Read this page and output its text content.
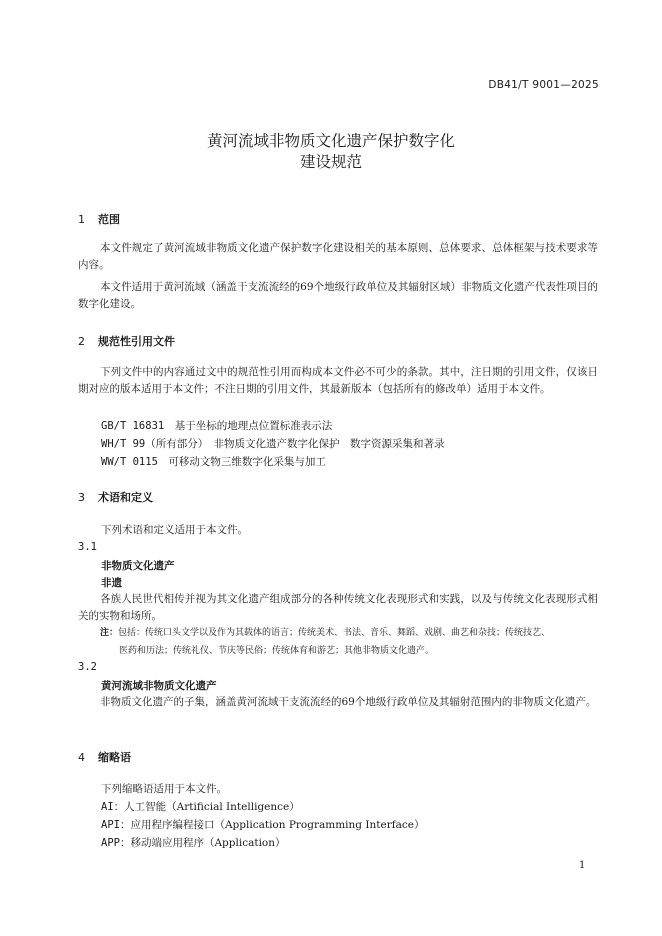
DB41/T 9001—2025
黄河流域非物质文化遗产保护数字化
建设规范
1 范围
本文件规定了黄河流域非物质文化遗产保护数字化建设相关的基本原则、总体要求、总体框架与技术要求等内容。
本文件适用于黄河流域（涵盖干支流流经的69个地级行政单位及其辐射区域）非物质文化遗产代表性项目的数字化建设。
2 规范性引用文件
下列文件中的内容通过文中的规范性引用而构成本文件必不可少的条款。其中，注日期的引用文件，仅该日期对应的版本适用于本文件；不注日期的引用文件，其最新版本（包括所有的修改单）适用于本文件。
GB/T 16831　 基于坐标的地理点位置标准表示法
WH/T 99（所有部分）　 非物质文化遗产数字化保护　数字资源采集和著录
WW/T 0115　 可移动文物三维数字化采集与加工
3 术语和定义
下列术语和定义适用于本文件。
3.1
非物质文化遗产
非遗
各族人民世代相传并视为其文化遗产组成部分的各种传统文化表现形式和实践，以及与传统文化表现形式相关的实物和场所。
注：包括：传统口头文学以及作为其载体的语言；传统美术、书法、音乐、舞蹈、戏剧、曲艺和杂技；传统技艺、
医药和历法；传统礼仪、节庆等民俗；传统体育和游艺；其他非物质文化遗产。
3.2
黄河流域非物质文化遗产
非物质文化遗产的子集，涵盖黄河流域干支流流经的69个地级行政单位及其辐射范围内的非物质文化遗产。
4 缩略语
下列缩略语适用于本文件。
AI：人工智能（Artificial Intelligence）
API：应用程序编程接口（Application Programming Interface）
APP：移动端应用程序（Application）
1
